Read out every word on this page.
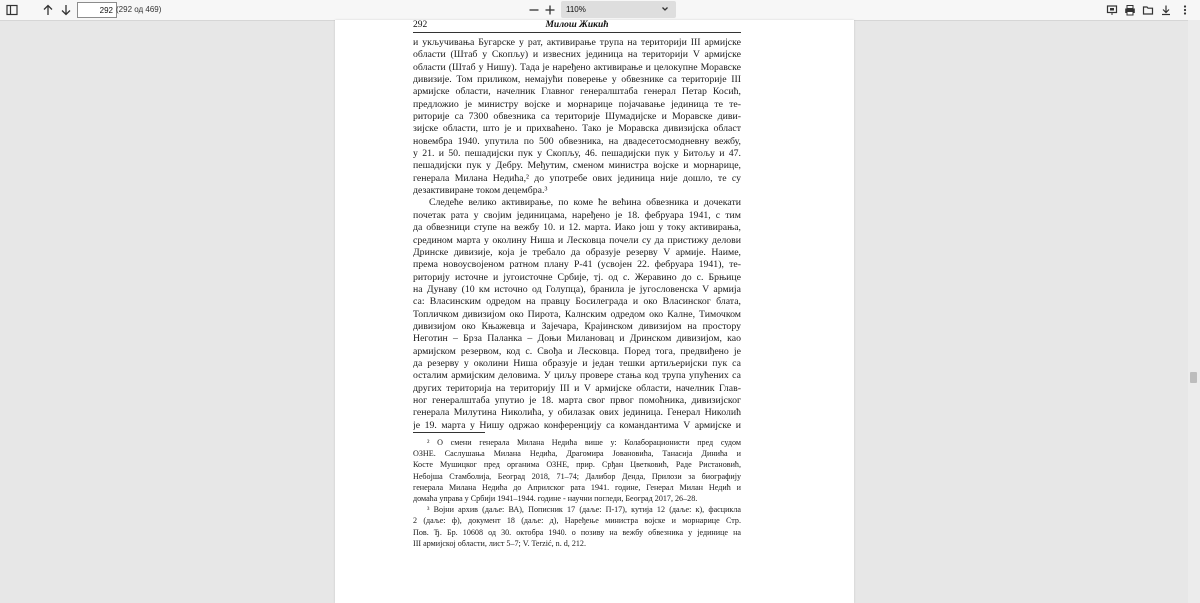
292
(292 од 469)	110%
292	Милош Жикић
и укључивања Бугарске у рат, активирање трупа на територији III армијске
области (Штаб у Скопљу) и извесних јединица на територији V армијске
области (Штаб у Нишу). Тада је наређено активирање и целокупне Моравске
дивизије. Том приликом, немајући поверење у обвезнике са територије III
армијске области, начелник Главног генералштаба генерал Петар Косић,
предложио је министру војске и морнарице појачавање јединица те те-
риторије са 7300 обвезника са територије Шумадијске и Моравске диви-
зијске области, што је и прихваћено. Тако је Моравска дивизијска област
новембра 1940. упутила по 500 обвезника, на двадесетосмодневну вежбу,
у 21. и 50. пешадијски пук у Скопљу, 46. пешадијски пук у Битољу и 47.
пешадијски пук у Дебру. Међутим, сменом министра војске и морнарице,
генерала Милана Недића,² до употребе ових јединица није дошло, те су
дезактивиране током децембра.³
Следеће велико активирање, по коме ће већина обвезника и дочекати
почетак рата у својим јединицама, наређено је 18. фебруара 1941, с тим
да обвезници ступе на вежбу 10. и 12. марта. Иако још у току активирања,
средином марта у околину Ниша и Лесковца почели су да пристижу делови
Дринске дивизије, која је требало да образује резерву V армије. Наиме,
према новоусвојеном ратном плану Р-41 (усвојен 22. фебруара 1941), те-
риторију источне и југоисточне Србије, тј. од с. Жеравино до с. Брњице
на Дунаву (10 км источно од Голупца), бранила је југословенска V армија
са: Власинским одредом на правцу Босилеграда и око Власинског блата,
Топличком дивизијом око Пирота, Калнским одредом око Калне, Тимочком
дивизијом око Књажевца и Зајечара, Крајинском дивизијом на простору
Неготин – Брза Паланка – Доњи Милановац и Дринском дивизијом, као
армијском резервом, код с. Свођа и Лесковца. Поред тога, предвиђено је
да резерву у околини Ниша образује и један тешки артиљеријски пук са
осталим армијским деловима. У циљу провере стања код трупа упућених са
других територија на територију III и V армијске области, начелник Глав-
ног генералштаба упутио је 18. марта свог првог помоћника, дивизијског
генерала Милутина Николића, у обилазак ових јединица. Генерал Николић
је 19. марта у Нишу одржао конференцију са командантима V армијске и
² О смени генерала Милана Недића више у: Колаборационисти пред судом
ОЗНЕ. Саслушања Милана Недића, Драгомира Јовановића, Танасија Динића и
Косте Мушицког пред органима ОЗНЕ, прир. Срђан Цветковић, Раде Ристановић,
Небојша Стамболија, Београд 2018, 71–74; Далибор Денда, Прилози за биографију
генерала Милана Недића до Априлског рата 1941. године, Генерал Милан Недић и
домаћа управа у Србији 1941–1944. године - научни погледи, Београд 2017, 26–28.
³ Војни архив (даље: ВА), Пописник 17 (даље: П-17), кутија 12 (даље: к), фасцикла
2 (даље: ф), документ 18 (даље: д), Наређење министра војске и морнарице Стр.
Пов. Ђ. Бр. 10608 од 30. октобра 1940. о позиву на вежбу обвезника у јединице на
III армијској области, лист 5–7; V. Terzić, n. d, 212.
